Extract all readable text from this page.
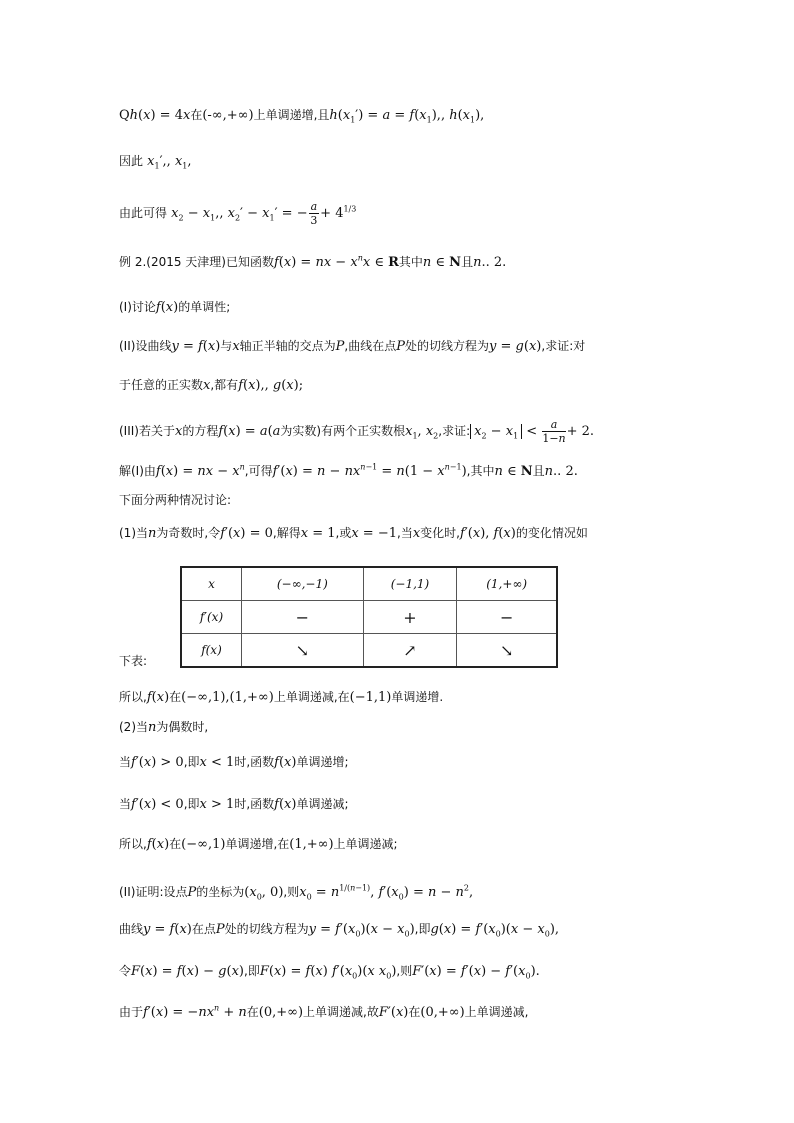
Qh(x) = 4x在(-∞,+∞)上单调递增,且$h(x_1') = a = f(x_1)$,, $h(x_1)$,
因此 $x_1'$,, $x_1$,
由此可得 $x_2 - x_1$,, $x_2' - x_1'$ = − $\frac{a}{3} + 4^{1/3}$
例 2.(2015 天津理)已知函数f(x) = nx − $x^nx$ ∈ R其中n ∈ N且n.. 2.
(I)讨论f(x)的单调性;
(II)设曲线y = f(x)与x轴正半轴的交点为P,曲线在点P处的切线方程为y = g(x),求证:对
于任意的正实数x,都有f(x),, g(x);
(III)若关于x的方程f(x) = a(a为实数)有两个正实数根$x_1$, $x_2$,求证: $x_2 - x_1 < \frac{a}{1-n} + 2$.
解(I)由f(x) = nx − $x^n$,可得$f'(x) = n - nx^{n-1} = n(1 - x^{n-1})$,其中n ∈ N且n.. 2.
下面分两种情况讨论:
(1)当n为奇数时,令f′(x) = 0,解得x = 1,或x = −1,当x变化时,f′(x), f(x)的变化情况如
x	(−∞,−1)	(−1,1)	(1,+∞)
f′(x)	−	+	−
f(x)	↘	↗	↘
下表:
所以,f(x)在(−∞,1),(1,+∞)上单调递减,在(−1,1)单调递增.
(2)当n为偶数时,
当f′(x) > 0,即x < 1时,函数f(x)单调递增;
当f′(x) < 0,即x > 1时,函数f(x)单调递减;
所以,f(x)在(−∞,1)单调递增,在(1,+∞)上单调递减;
(II)证明:设点P的坐标为($x_0$, 0),则$x_0 = n^{1/(n-1)}$, $f'(x_0) = n - n^2$,
曲线y = f(x)在点P处的切线方程为$y = f'(x_0)(x - x_0)$,即$g(x) = f'(x_0)(x - x_0)$,
令F(x) = f(x) − g(x),即F(x) = f(x) $f'(x_0)(x$ $x_0$),则$F'(x) = f'(x) - f'(x_0)$.
由于$f'(x) = -nx^n + n$在(0,+∞)上单调递减,故F′(x)在(0,+∞)上单调递减,
